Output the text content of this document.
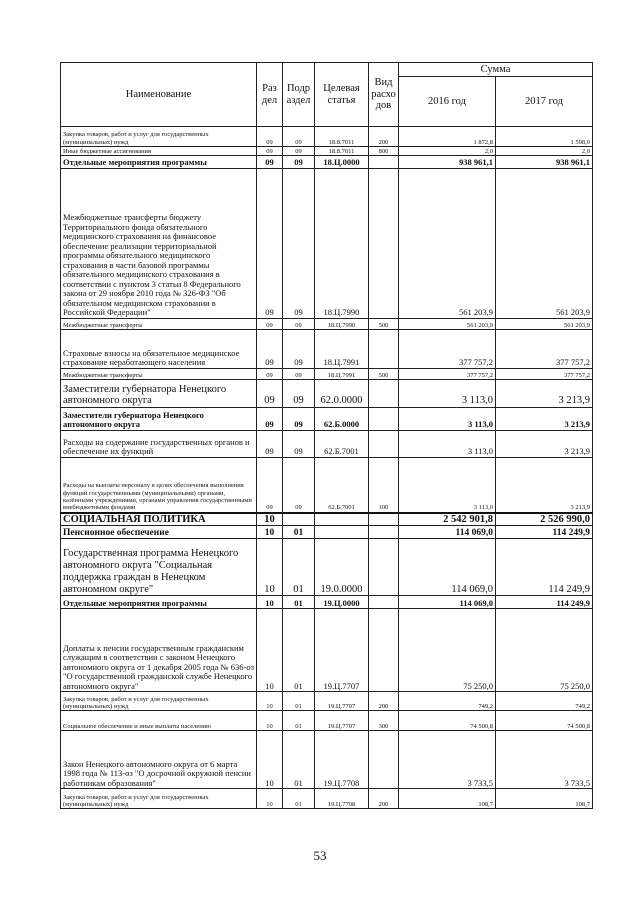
Наименование	Раз дел	Подр аздел	Целевая статья	Вид расхо дов	Сумма	
					2016 год	2017 год
Закупка товаров, работ и услуг для государственных (муниципальных) нужд	09	09	18.8.7011	200	1 872,8	1 598,0
Иные бюджетные ассигнования	09	09	18.8.7011	800	2,0	2,0
Отдельные мероприятия программы	09	09	18.Ц.0000		938 961,1	938 961,1
Межбюджетные трансферты бюджету Территориального фонда обязательного медицинского страхования на финансовое обеспечение реализации территориальной программы обязательного медицинского страхования в части базовой программы обязательного медицинского страхования в соответствии с пунктом 3 статьи 8 Федерального закона от 29 ноября 2010 года № 326-ФЗ "Об обязательном медицинском страховании в Российской Федерации"	09	09	18.Ц.7990		561 203,9	561 203,9
Межбюджетные трансферты	09	09	18.Ц.7990	500	561 203,9	561 203,9
Страховые взносы на обязательное медицинское страхование неработающего населения	09	09	18.Ц.7991		377 757,2	377 757,2
Межбюджетные трансферты	09	09	18.Ц.7991	500	377 757,2	377 757,2
Заместители губернатора Ненецкого автономного округа	09	09	62.0.0000		3 113,0	3 213,9
Заместители губернатора Ненецкого автономного округа	09	09	62.Б.0000		3 113,0	3 213,9
Расходы на содержание государственных органов и обеспечение их функций	09	09	62.Б.7001		3 113,0	3 213,9
Расходы на выплаты персоналу в целях обеспечения выполнения функций государственными (муниципальными) органами, казёнными учреждениями, органами управления государственными внебюджетными фондами	09	09	62.Б.7001	100	3 113,0	3 213,9
СОЦИАЛЬНАЯ ПОЛИТИКА	10				2 542 901,8	2 526 990,0
Пенсионное обеспечение	10	01			114 069,0	114 249,9
Государственная программа Ненецкого автономного округа "Социальная поддержка граждан в Ненецком автономном округе"	10	01	19.0.0000		114 069,0	114 249,9
Отдельные мероприятия программы	10	01	19.Ц.0000		114 069,0	114 249,9
Доплаты к пенсии государственным гражданским служащим в соответствии с законом Ненецкого автономного округа от 1 декабря 2005 года № 636-оз "О государственной гражданской службе Ненецкого автономного округа"	10	01	19.Ц.7707		75 250,0	75 250,0
Закупка товаров, работ и услуг для государственных (муниципальных) нужд	10	01	19.Ц.7707	200	749,2	749,2
Социальное обеспечение и иные выплаты населению	10	01	19.Ц.7707	300	74 500,8	74 500,8
Закон Ненецкого автономного округа от 6 марта 1998 года № 113-оз "О досрочной окружной пенсии работникам образования"	10	01	19.Ц.7708		3 733,5	3 733,5
Закупка товаров, работ и услуг для государственных (муниципальных) нужд	10	01	19.Ц.7708	200	108,7	108,7
53
